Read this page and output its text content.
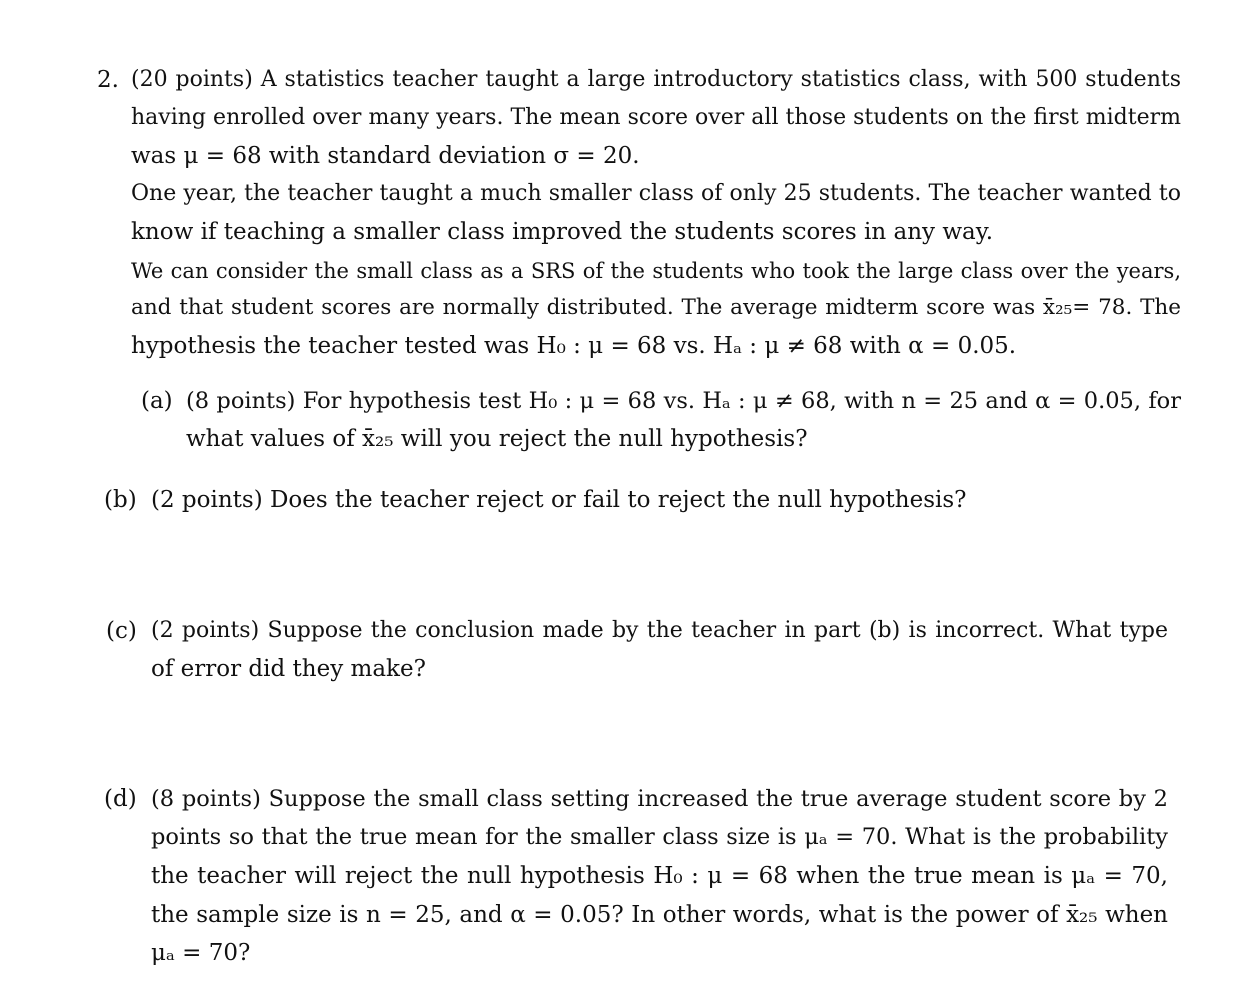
2. (20 points) A statistics teacher taught a large introductory statistics class, with 500 students
having enrolled over many years. The mean score over all those students on the first midterm
was μ = 68 with standard deviation σ = 20.
One year, the teacher taught a much smaller class of only 25 students. The teacher wanted to
know if teaching a smaller class improved the students scores in any way.
We can consider the small class as a SRS of the students who took the large class over the years,
and that student scores are normally distributed. The average midterm score was x̄₂₅= 78. The
hypothesis the teacher tested was H₀ : μ = 68 vs. Hₐ : μ ≠ 68 with α = 0.05.
(a) (8 points) For hypothesis test H₀ : μ = 68 vs. Hₐ : μ ≠ 68, with n = 25 and α = 0.05, for
what values of x̄₂₅ will you reject the null hypothesis?
(b) (2 points) Does the teacher reject or fail to reject the null hypothesis?
(c) (2 points) Suppose the conclusion made by the teacher in part (b) is incorrect. What type
of error did they make?
(d) (8 points) Suppose the small class setting increased the true average student score by 2
points so that the true mean for the smaller class size is μₐ = 70. What is the probability
the teacher will reject the null hypothesis H₀ : μ = 68 when the true mean is μₐ = 70,
the sample size is n = 25, and α = 0.05? In other words, what is the power of x̄₂₅ when
μₐ = 70?
